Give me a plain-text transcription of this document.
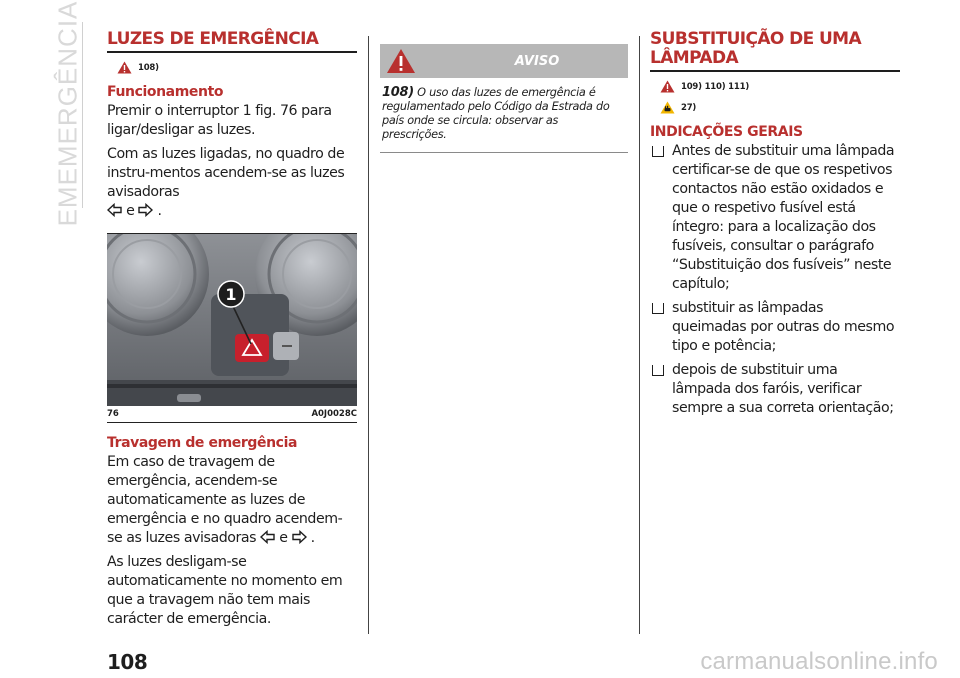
EMEMERGÊNCIA LUZES DE EMERGÊNCIA
108)
Funcionamento

Premir o interruptor 1 fig. 76 para ligar/desligar as luzes.

Com as luzes ligadas, no quadro de instru-mentos acendem-se as luzes avisadoras
e .

1
76	A0J0028C
Travagem de emergência

Em caso de travagem de emergência, acendem-se automaticamente as luzes de emergência e no quadro acendem-se as luzes avisadoras e .

As luzes desligam-se automaticamente no momento em que a travagem não tem mais carácter de emergência.

AVISO
108) O uso das luzes de emergência é regulamentado pelo Código da Estrada do país onde se circula: observar as prescrições.
SUBSTITUIÇÃO DE UMA LÂMPADA
109) 110) 111)
27)
INDICAÇÕES GERAIS
Antes de substituir uma lâmpada certificar-se de que os respetivos contactos não estão oxidados e que o respetivo fusível está íntegro: para a localização dos fusíveis, consultar o parágrafo “Substituição dos fusíveis” neste capítulo;
substituir as lâmpadas queimadas por outras do mesmo tipo e potência;
depois de substituir uma lâmpada dos faróis, verificar sempre a sua correta orientação;
108	carmanualsonline.info
